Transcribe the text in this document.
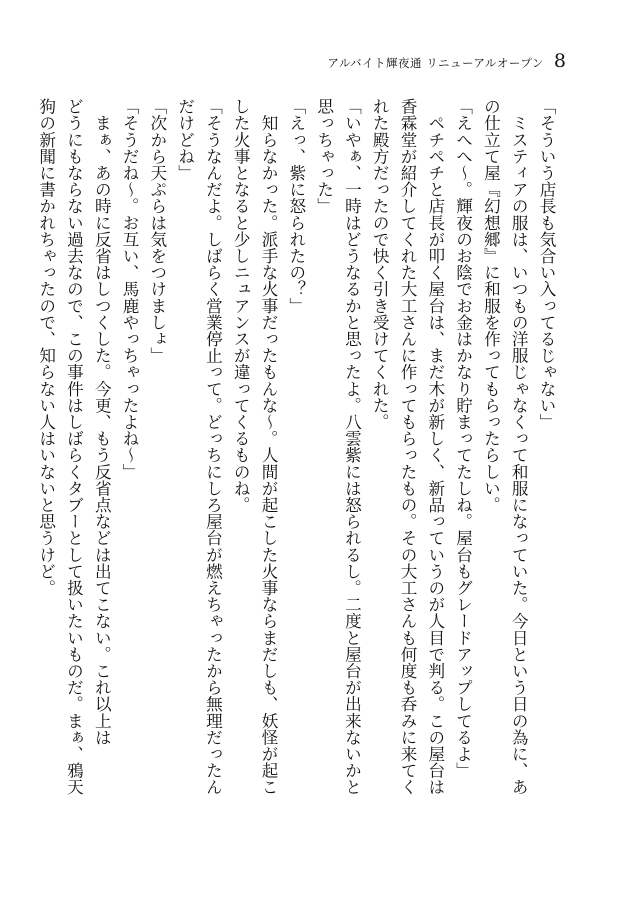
アルバイト輝夜通 リニューアルオープン 8
「そういう店長も気合い入ってるじゃない」
　ミスティアの服は、いつもの洋服じゃなくって和服になっていた。今日という日の為に、あ
の仕立て屋『幻想郷』に和服を作ってもらったらしい。
「えへへ～。輝夜のお陰でお金はかなり貯まってたしね。屋台もグレードアップしてるよ」
　ペチペチと店長が叩く屋台は、まだ木が新しく、新品っていうのが人目で判る。この屋台は
香霖堂が紹介してくれた大工さんに作ってもらったもの。その大工さんも何度も呑みに来てく
れた殿方だったので快く引き受けてくれた。
「いやぁ、一時はどうなるかと思ったよ。八雲紫には怒られるし。二度と屋台が出来ないかと
思っちゃった」
「えっ、紫に怒られたの？」
　知らなかった。派手な火事だったもんな～。人間が起こした火事ならまだしも、妖怪が起こ
した火事となると少しニュアンスが違ってくるものね。
「そうなんだよ。しばらく営業停止って。どっちにしろ屋台が燃えちゃったから無理だったん
だけどね」
「次から天ぷらは気をつけましょ」
「そうだね～。お互い、馬鹿やっちゃったよね～」
　まぁ、あの時に反省はしつくした。今更、もう反省点などは出てこない。これ以上は
どうにもならない過去なので、この事件はしばらくタブーとして扱いたいものだ。まぁ、鴉天
狗の新聞に書かれちゃったので、知らない人はいないと思うけど。
